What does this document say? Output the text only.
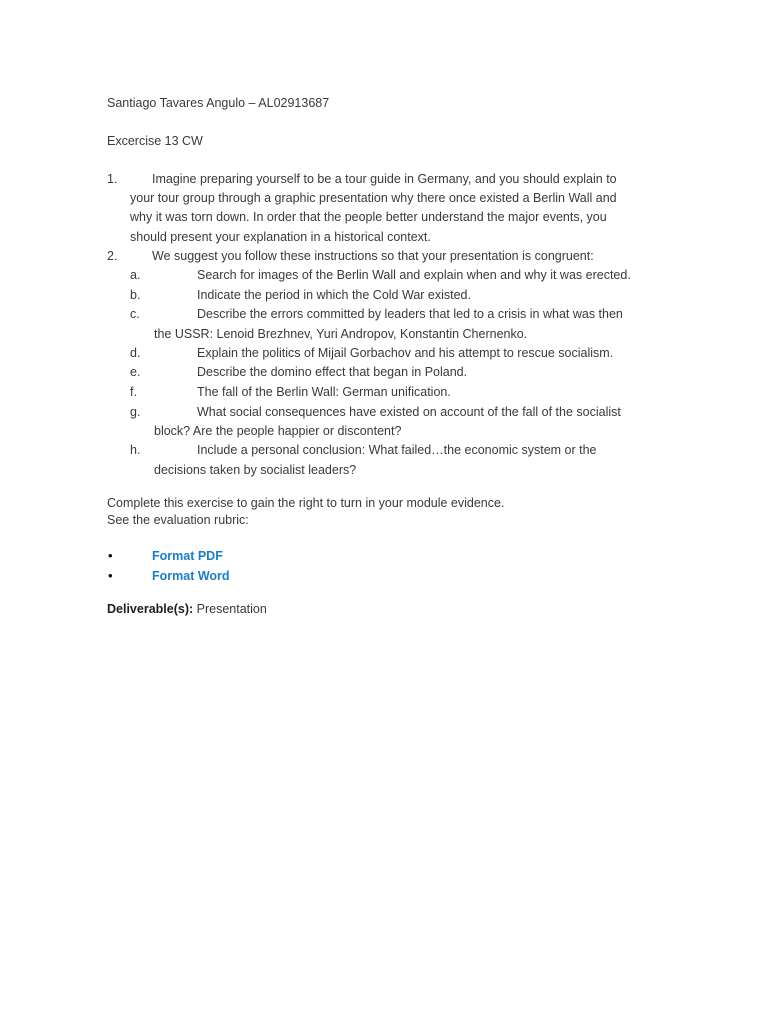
Santiago Tavares Angulo – AL02913687
Excercise 13 CW
1.	Imagine preparing yourself to be a tour guide in Germany, and you should explain to
your tour group through a graphic presentation why there once existed a Berlin Wall and
why it was torn down. In order that the people better understand the major events, you
should present your explanation in a historical context.
2.	We suggest you follow these instructions so that your presentation is congruent:
a.	Search for images of the Berlin Wall and explain when and why it was erected.
b.	Indicate the period in which the Cold War existed.
c.	Describe the errors committed by leaders that led to a crisis in what was then
the USSR: Lenoid Brezhnev, Yuri Andropov, Konstantin Chernenko.
d.	Explain the politics of Mijail Gorbachov and his attempt to rescue socialism.
e.	Describe the domino effect that began in Poland.
f.	The fall of the Berlin Wall: German unification.
g.	What social consequences have existed on account of the fall of the socialist
block? Are the people happier or discontent?
h.	Include a personal conclusion: What failed…the economic system or the
decisions taken by socialist leaders?
Complete this exercise to gain the right to turn in your module evidence.
See the evaluation rubric:
•	Format PDF
•	Format Word
Deliverable(s): Presentation
